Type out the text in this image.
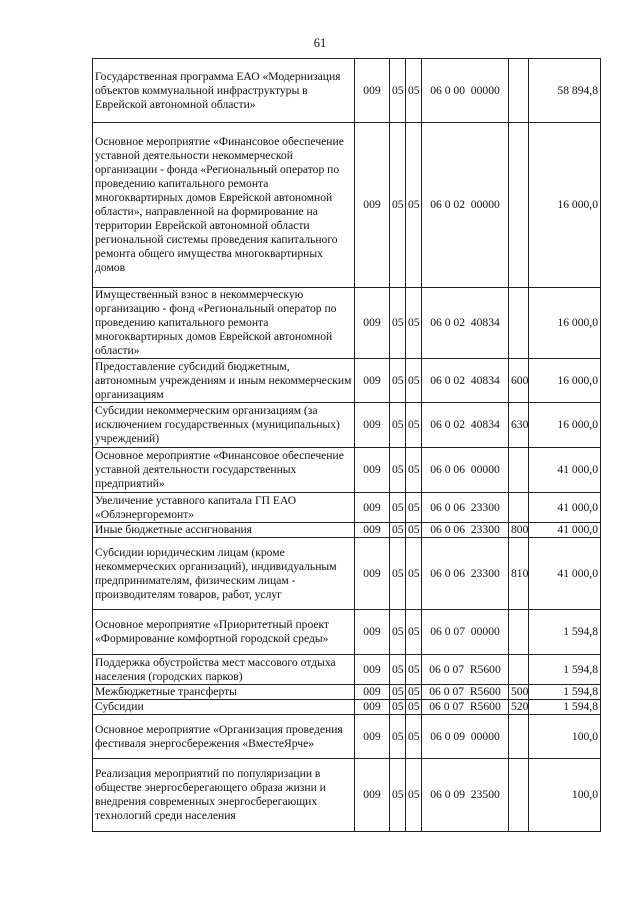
61
Государственная программа ЕАО «Модернизация объектов коммунальной инфраструктуры в Еврейской автономной области»	009	05	05	06 0 00  00000		58 894,8
Основное мероприятие «Финансовое обеспечение уставной деятельности некоммерческой организации - фонда «Региональный оператор по проведению капитального ремонта многоквартирных домов Еврейской автономной области», направленной на формирование на территории Еврейской автономной области региональной системы проведения капитального ремонта общего имущества многоквартирных домов	009	05	05	06 0 02  00000		16 000,0
Имущественный взнос в некоммерческую организацию - фонд «Региональный оператор по проведению капитального ремонта многоквартирных домов Еврейской автономной области»	009	05	05	06 0 02  40834		16 000,0
Предоставление субсидий бюджетным, автономным учреждениям и иным некоммерческим организациям	009	05	05	06 0 02  40834	600	16 000,0
Субсидии некоммерческим организациям (за исключением государственных (муниципальных) учреждений)	009	05	05	06 0 02  40834	630	16 000,0
Основное мероприятие «Финансовое обеспечение уставной деятельности государственных предприятий»	009	05	05	06 0 06  00000		41 000,0
Увеличение уставного капитала ГП ЕАО «Облэнергоремонт»	009	05	05	06 0 06  23300		41 000,0
Иные бюджетные ассигнования	009	05	05	06 0 06  23300	800	41 000,0
Субсидии юридическим лицам (кроме некоммерческих организаций), индивидуальным предпринимателям, физическим лицам - производителям товаров, работ, услуг	009	05	05	06 0 06  23300	810	41 000,0
Основное мероприятие «Приоритетный проект «Формирование комфортной городской среды»	009	05	05	06 0 07  00000		1 594,8
Поддержка обустройства мест массового отдыха населения (городских парков)	009	05	05	06 0 07  R5600		1 594,8
Межбюджетные трансферты	009	05	05	06 0 07  R5600	500	1 594,8
Субсидии	009	05	05	06 0 07  R5600	520	1 594,8
Основное мероприятие «Организация проведения фестиваля энергосбережения «ВместеЯрче»	009	05	05	06 0 09  00000		100,0
Реализация мероприятий по популяризации в обществе энергосберегающего образа жизни и внедрения современных энергосберегающих технологий среди населения	009	05	05	06 0 09  23500		100,0
